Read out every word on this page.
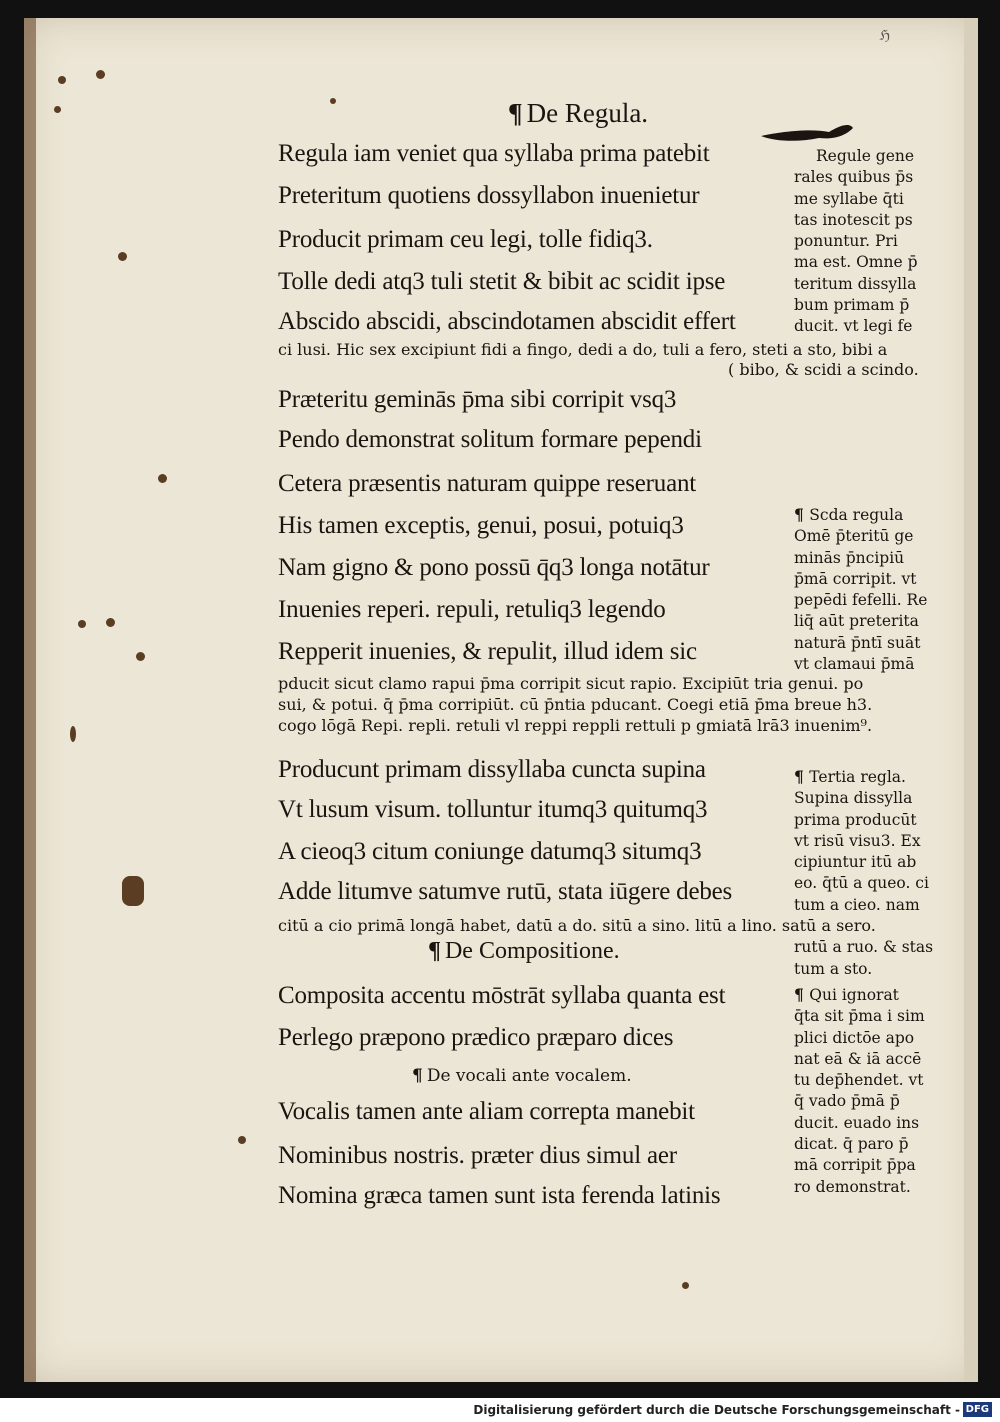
ℌ
¶ De Regula.
Regula iam veniet qua syllaba prima patebit
Preteritum quotiens dossyllabon inuenietur
Producit primam ceu legi, tolle fidiq3.
Tolle dedi atq3 tuli stetit & bibit ac scidit ipse
Abscido abscidi, abscindotamen abscidit effert
ci lusi. Hic sex excipiunt fidi a fingo, dedi a do, tuli a fero, steti a sto, bibi a
( bibo, & scidi a scindo.
Præteritu geminās p̄ma sibi corripit vsq3
Pendo demonstrat solitum formare pependi
Cetera præsentis naturam quippe reseruant
His tamen exceptis, genui, posui, potuiq3
Nam gigno & pono possū q̄q3 longa notātur
Inuenies reperi. repuli, retuliq3 legendo
Repperit inuenies, & repulit, illud idem sic
pducit sicut clamo rapui p̄ma corripit sicut rapio. Excipiūt tria genui. po
sui, & potui. q̄ p̄ma corripiūt. cū p̄ntia pducant. Coegi etiā p̄ma breue h3.
cogo lōgā Repi. repli. retuli vl reppi reppli rettuli p gmiatā lrā3 inuenim⁹.
Producunt primam dissyllaba cuncta supina
Vt lusum visum. tolluntur itumq3 quitumq3
A cieoq3 citum coniunge datumq3 situmq3
Adde litumve satumve rutū, stata iūgere debes
citū a cio primā longā habet, datū a do. sitū a sino. litū a lino. satū a sero.
¶ De Compositione.
Composita accentu mōstrāt syllaba quanta est
Perlego præpono prædico præparo dices
¶ De vocali ante vocalem.
Vocalis tamen ante aliam correpta manebit
Nominibus nostris. præter dius simul aer
Nomina græca tamen sunt ista ferenda latinis
Regule gene
rales quibus p̄s
me syllabe q̄ti
tas inotescit ps
ponuntur. Pri
ma est. Omne p̄
teritum dissylla
bum primam p̄
ducit. vt legi fe
¶ Scda regula
Omē p̄teritū ge
minās p̄ncipiū
p̄mā corripit. vt
pepēdi fefelli. Re
liq̄ aūt preterita
naturā p̄ntī suāt
vt clamaui p̄mā
¶ Tertia regla.
Supina dissylla
prima producūt
vt risū visu3. Ex
cipiuntur itū ab
eo. q̄tū a queo. ci
tum a cieo. nam

rutū a ruo. & stas
tum a sto.
¶ Qui ignorat
q̄ta sit p̄ma i sim
plici dictōe apo
nat eā & iā accē
tu dep̄hendet. vt
q̄ vado p̄mā p̄
ducit. euado ins
dicat. q̄ paro p̄
mā corripit p̄pa
ro demonstrat.
Digitalisierung gefördert durch die Deutsche Forschungsgemeinschaft - DFG
